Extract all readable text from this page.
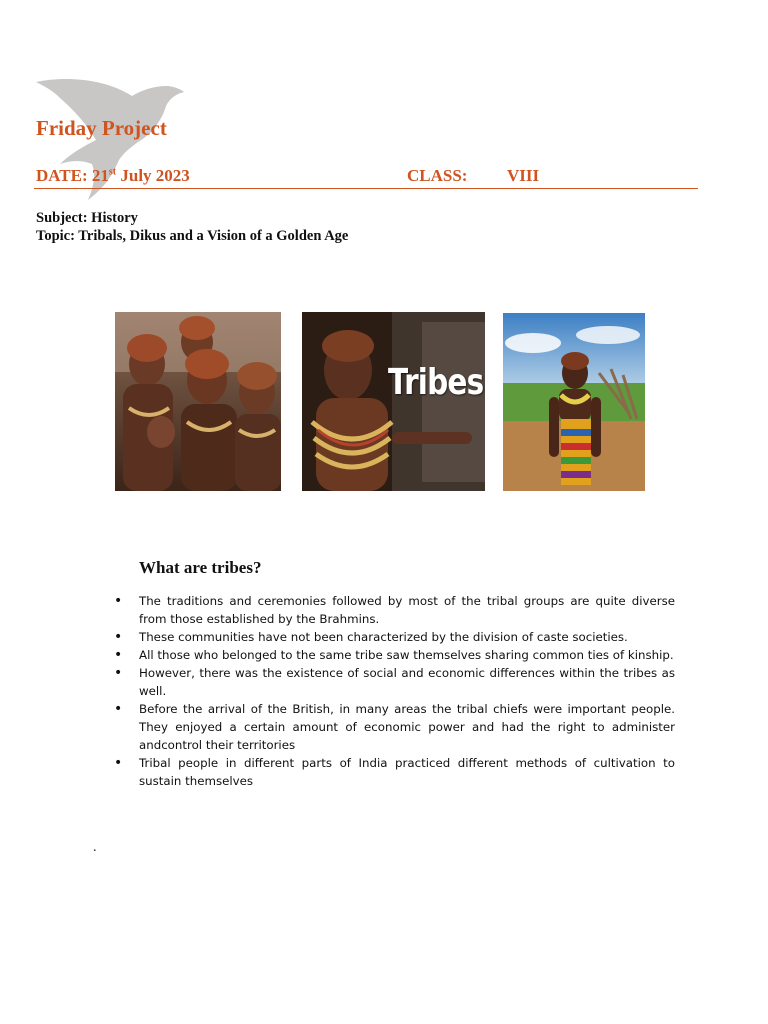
Friday Project
DATE: 21st July 2023	CLASS: VIII
Subject: History
Topic: Tribals, Dikus and a Vision of a Golden Age
Tribes
What are tribes?
• The traditions and ceremonies followed by most of the tribal groups are quite diverse from those established by the Brahmins.
• These communities have not been characterized by the division of caste societies.
• All those who belonged to the same tribe saw themselves sharing common ties of kinship.
• However, there was the existence of social and economic differences within the tribes as well.
• Before the arrival of the British, in many areas the tribal chiefs were important people. They enjoyed a certain amount of economic power and had the right to administer andcontrol their territories
• Tribal people in different parts of India practiced different methods of cultivation to sustain themselves
.
